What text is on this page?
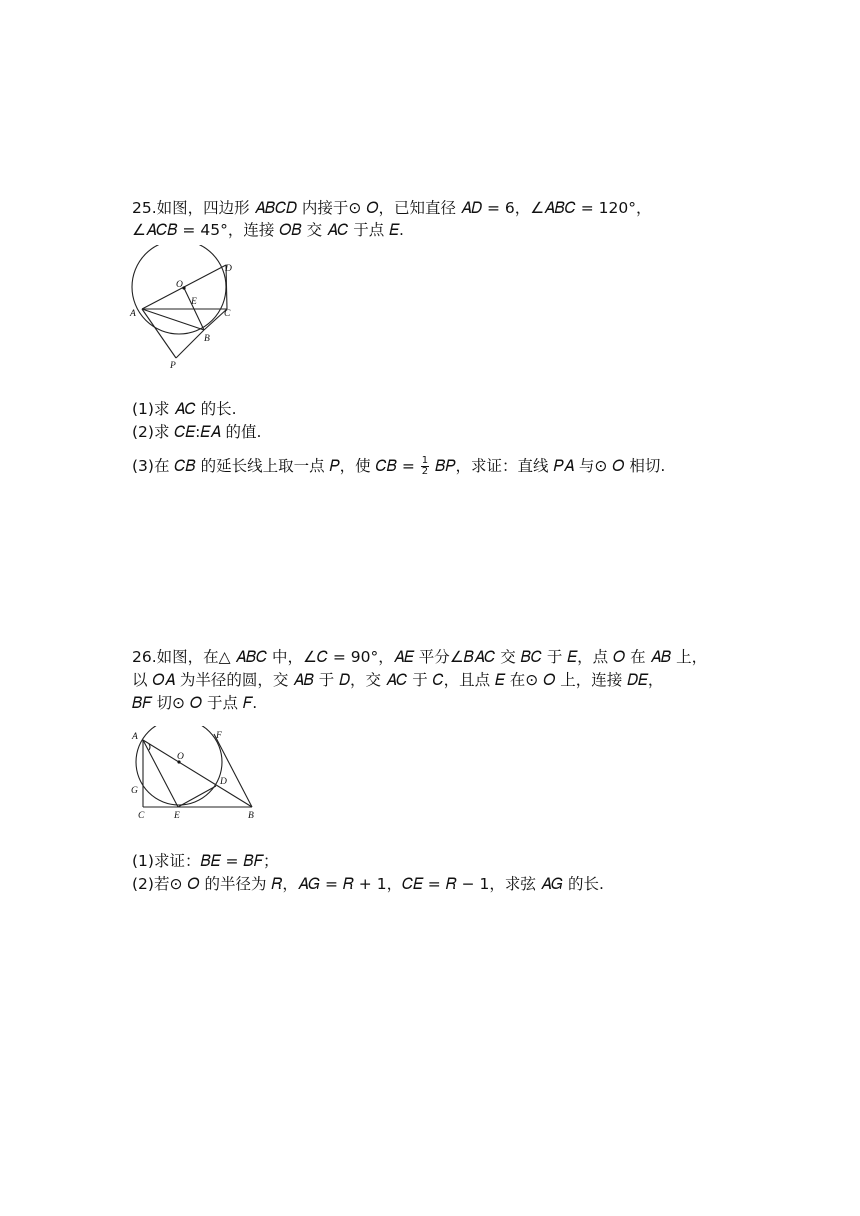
25.如图，四边形 𝐴𝐵𝐶𝐷 内接于⊙ 𝑂，已知直径 𝐴𝐷 = 6，∠𝐴𝐵𝐶 = 120°，
∠𝐴𝐶𝐵 = 45°，连接 𝑂𝐵 交 𝐴𝐶 于点 𝐸.
A
B
C
D
E
O
P
(1)求 𝐴𝐶 的长.
(2)求 𝐶𝐸:𝐸𝐴 的值.
(3)在 𝐶𝐵 的延长线上取一点 𝑃，使 𝐶𝐵 = $\frac{1}{2}$ 𝐵𝑃，求证：直线 𝑃𝐴 与⊙ 𝑂 相切.
26.如图，在△ 𝐴𝐵𝐶 中，∠𝐶 = 90°，𝐴𝐸 平分∠𝐵𝐴𝐶 交 𝐵𝐶 于 𝐸，点 𝑂 在 𝐴𝐵 上，
以 𝑂𝐴 为半径的圆，交 𝐴𝐵 于 𝐷，交 𝐴𝐶 于 𝐶，且点 𝐸 在⊙ 𝑂 上，连接 𝐷𝐸，
𝐵𝐹 切⊙ 𝑂 于点 𝐹.
A
O
F
D
G
C	E	B
(1)求证：𝐵𝐸 = 𝐵𝐹；
(2)若⊙ 𝑂 的半径为 𝑅，𝐴𝐺 = 𝑅 + 1，𝐶𝐸 = 𝑅 − 1，求弦 𝐴𝐺 的长.
